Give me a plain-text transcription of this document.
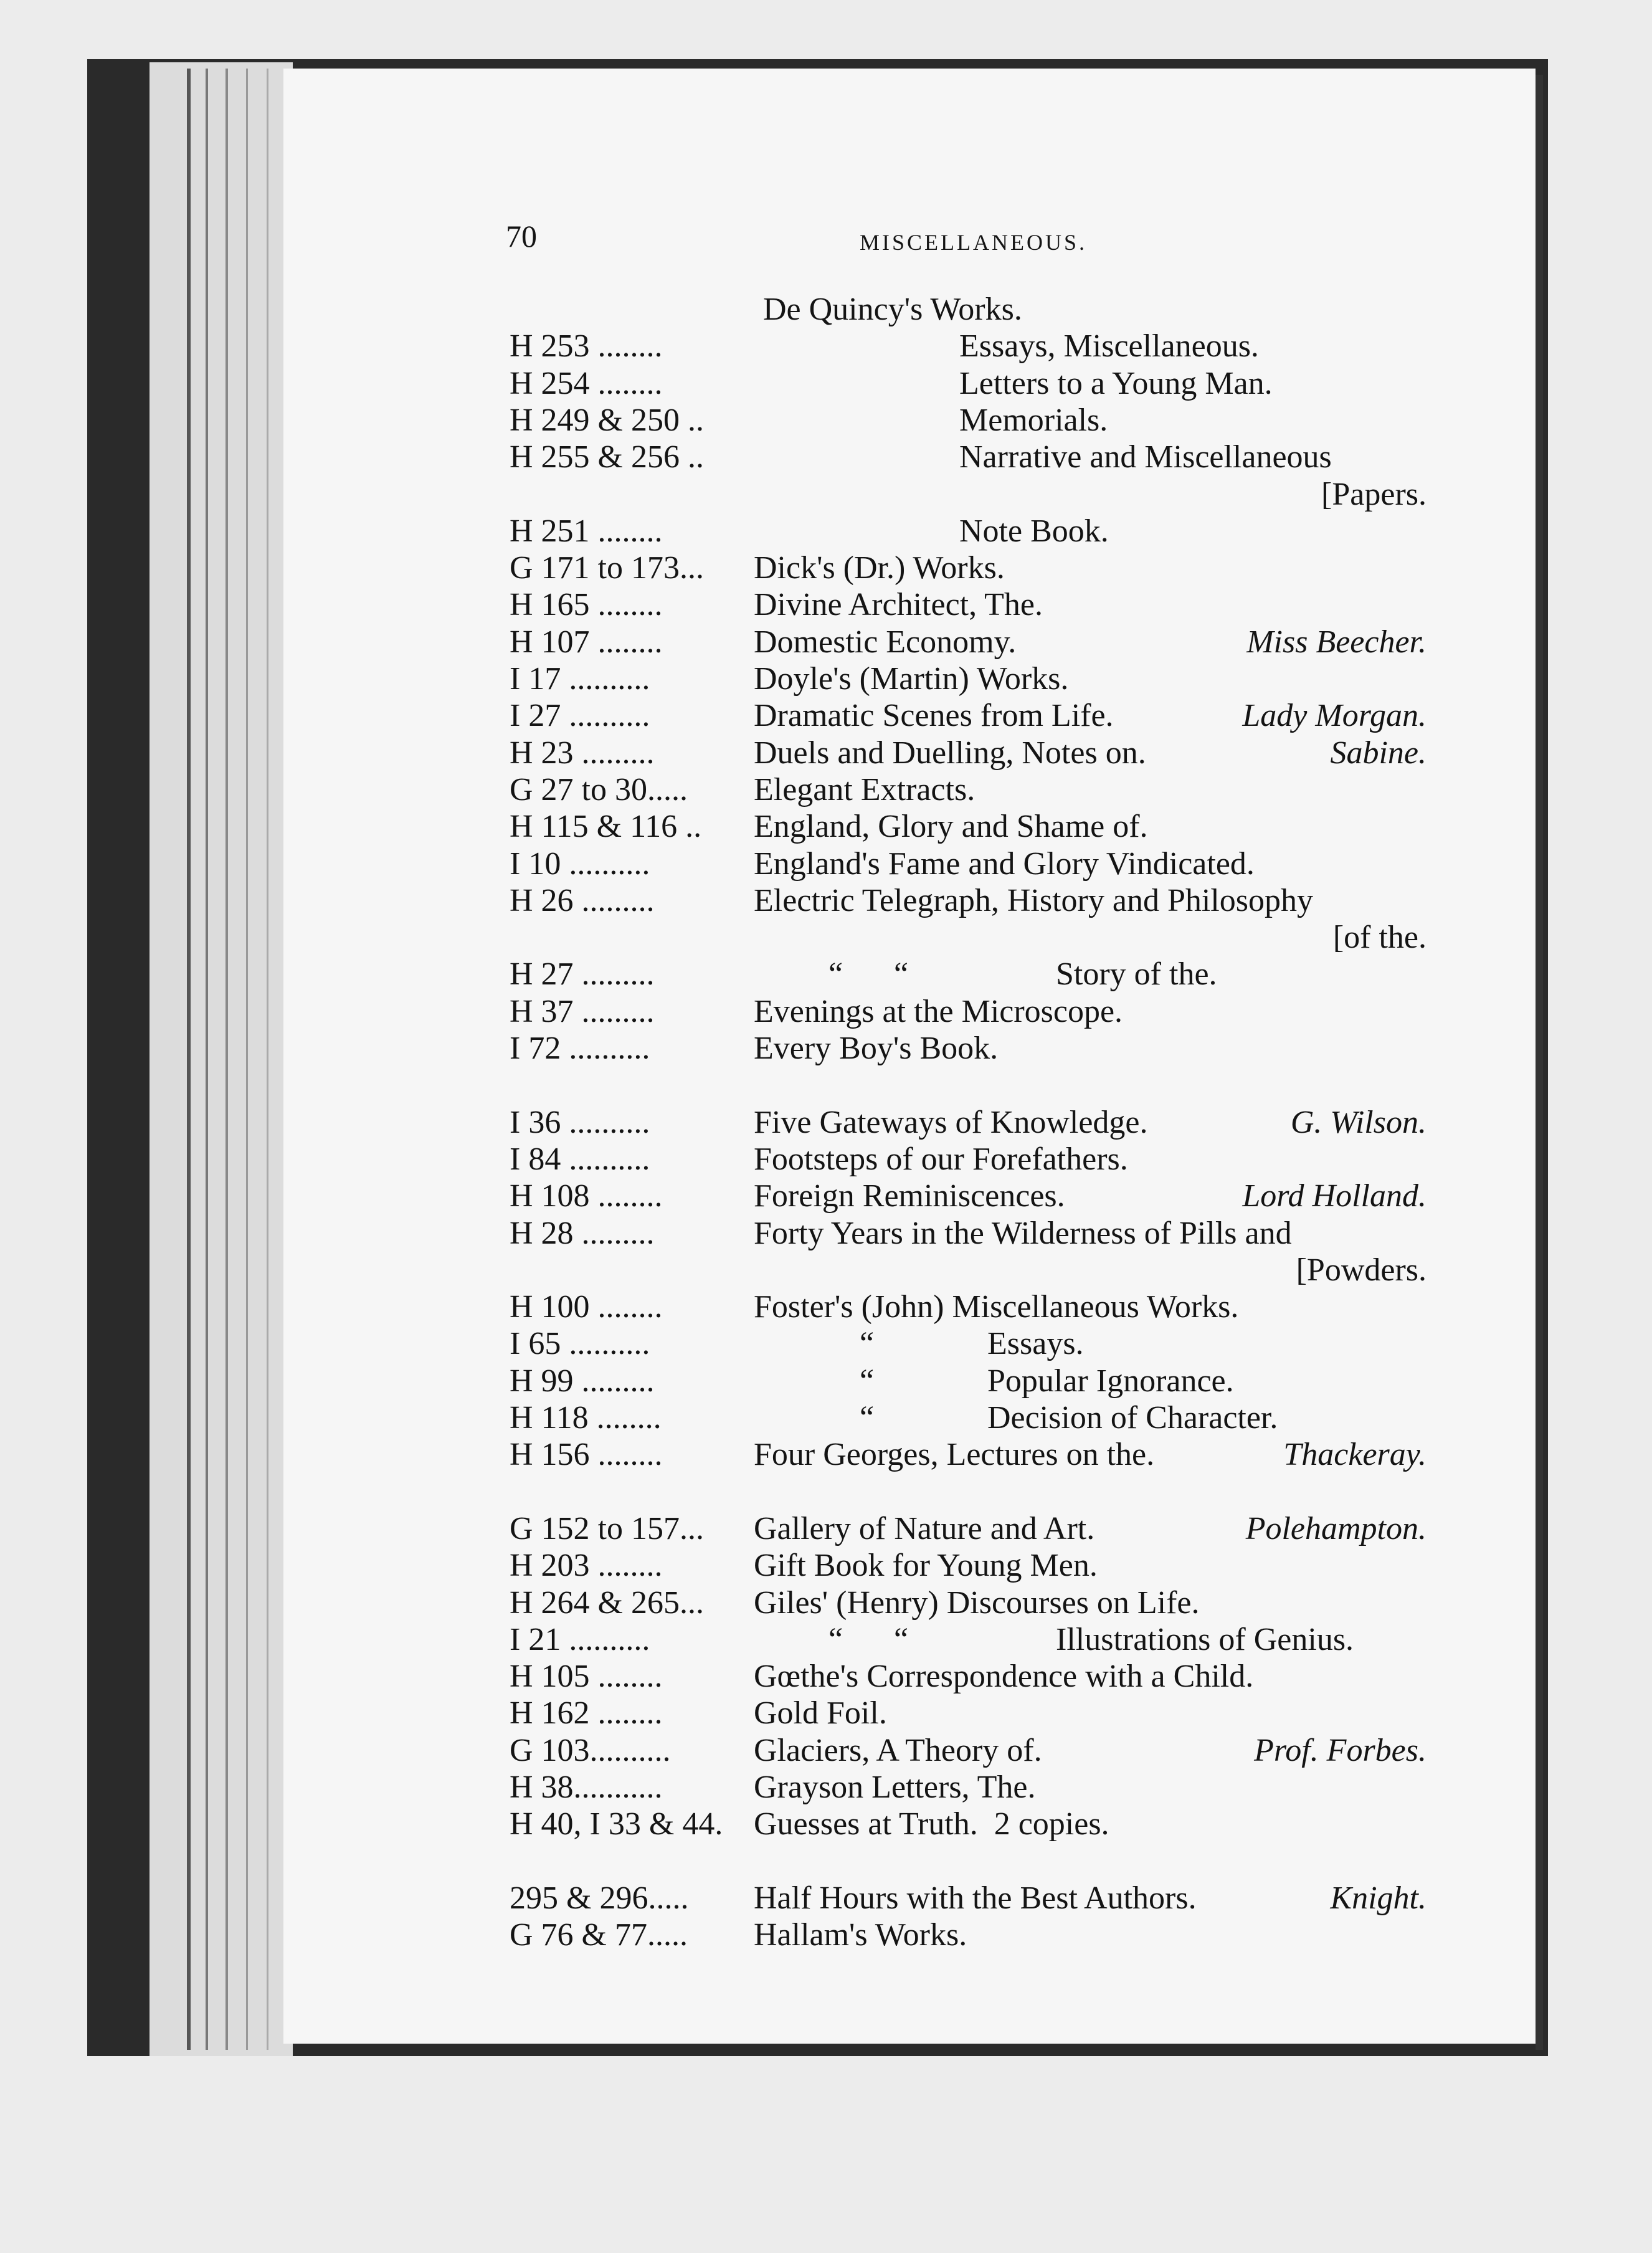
70	MISCELLANEOUS.
De Quincy's Works.
H 253 ........	Essays, Miscellaneous.
H 254 ........	Letters to a Young Man.
H 249 & 250 ..	Memorials.
H 255 & 256 ..	Narrative and Miscellaneous
[Papers.
H 251 ........	Note Book.
G 171 to 173... Dick's (Dr.) Works.
H 165 ........	Divine Architect, The.
H 107 ........	Domestic Economy.	Miss Beecher.
I 17 ..........	Doyle's (Martin) Works.
I 27 ..........	Dramatic Scenes from Life.	Lady Morgan.
H 23 .........	Duels and Duelling, Notes on.	Sabine.
G 27 to 30..... Elegant Extracts.
H 115 & 116 .. England, Glory and Shame of.
I 10 ..........	England's Fame and Glory Vindicated.
H 26 .........	Electric Telegraph, History and Philosophy
[of the.
H 27 .........	“ “	Story of the.
H 37 .........	Evenings at the Microscope.
I 72 ..........	Every Boy's Book.
I 36 ..........	Five Gateways of Knowledge.	G. Wilson.
I 84 ..........	Footsteps of our Forefathers.
H 108 ........	Foreign Reminiscences.	Lord Holland.
H 28 .........	Forty Years in the Wilderness of Pills and
[Powders.
H 100 ........	Foster's (John) Miscellaneous Works.
I 65 ..........	“	Essays.
H 99 .........	“	Popular Ignorance.
H 118 ........	“	Decision of Character.
H 156 ........	Four Georges, Lectures on the.	Thackeray.
G 152 to 157... Gallery of Nature and Art.	Polehampton.
H 203 ........	Gift Book for Young Men.
H 264 & 265... Giles' (Henry) Discourses on Life.
I 21 ..........	“ “	Illustrations of Genius.
H 105 ........	Gœthe's Correspondence with a Child.
H 162 ........	Gold Foil.
G 103..........	Glaciers, A Theory of.	Prof. Forbes.
H 38...........	Grayson Letters, The.
H 40, I 33 & 44. Guesses at Truth.  2 copies.
295 & 296..... Half Hours with the Best Authors.	Knight.
G 76 & 77..... Hallam's Works.
